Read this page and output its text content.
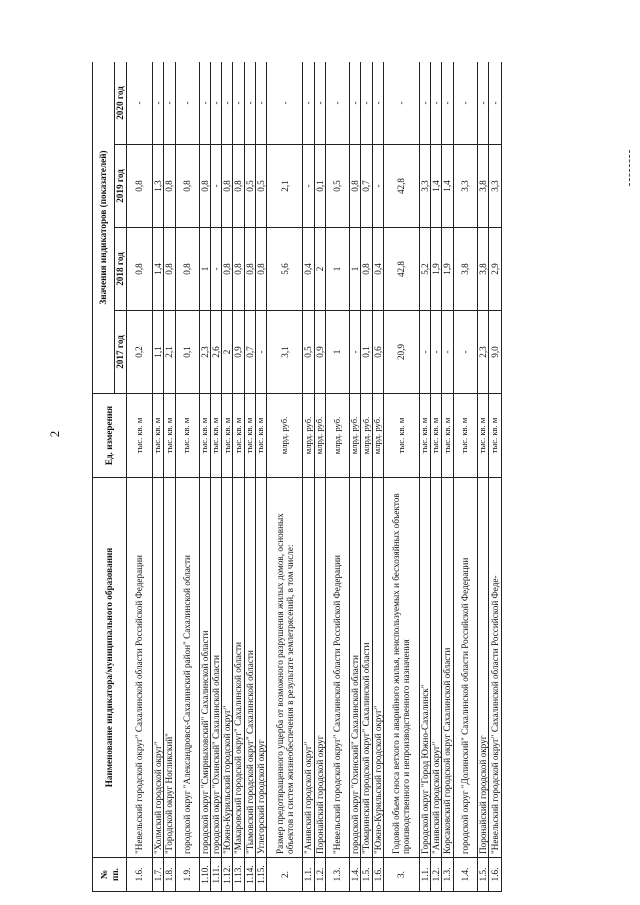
2
№
пп.	Наименование индикатора/муниципального образования	Ед. измерения	Значения индикаторов (показателей)			
			2017 год	2018 год	2019 год	2020 год
1.6.	"Невельский городской округ" Сахалинской области Российской Федерации	тыс. кв. м	0,2	0,8	0,8	-
1.7.	"Холмский городской округ"	тыс. кв. м	1,1	1,4	1,3	-
1.8.	"Городской округ Ногликский"	тыс. кв. м	2,1	0,8	0,8	-
1.9.	городской округ "Александровск-Сахалинский район" Сахалинской области	тыс. кв. м	0,1	0,8	0,8	-
1.10.	городской округ "Смирныховский" Сахалинской области	тыс. кв. м	2,3	1	0,8	-
1.11.	городской округ "Охинский" Сахалинской области	тыс. кв. м	2,6	-	-	-
1.12.	"Южно-Курильский городской округ"	тыс. кв. м	2	0,8	0,8	-
1.13.	"Макаровский городской округ" Сахалинской области	тыс. кв. м	0,9	0,8	0,8	-
1.14.	"Тымовский городской округ" Сахалинской области	тыс. кв. м	0,7	0,8	0,5	-
1.15.	Углегорский городской округ	тыс. кв. м	-	0,8	0,5	-
2.	Размер предотвращенного ущерба от возможного разрушения жилых домов, основных объектов и систем жизнеобеспечения в результате землетрясений, в том числе:	млрд. руб.	3,1	5,6	2,1	-
1.1.	"Анивский городской округ"	млрд. руб.	0,5	0,4	-	-
1.2.	Поронайский городской округ	млрд. руб.	0,9	2	0,1	-
1.3.	"Невельский городской округ" Сахалинской области Российской Федерации	млрд. руб.	1	1	0,5	-
1.4.	городской округ "Охинский" Сахалинской области	млрд. руб.	-	1	0,8	-
1.5.	"Томаринский городской округ" Сахалинской области	млрд. руб.	0,1	0,8	0,7	-
1.6.	"Южно-Курильский городской округ"	млрд. руб.	0,6	0,4	-	-
3.	Годовой объем сноса ветхого и аварийного жилья, неиспользуемых и бесхозяйных объектов производственного и непроизводственного назначения	тыс. кв. м	20,9	42,8	42,8	-
1.1.	Городской округ "Город Южно-Сахалинск"	тыс. кв. м	-	5,2	3,3	-
1.2.	"Анивский городской округ"	тыс. кв. м	-	1,9	1,4	-
1.3.	Корсаковский городской округ Сахалинской области	тыс. кв. м	-	1,9	1,4	-
1.4.	городской округ "Долинский" Сахалинской области Российской Федерации	тыс. кв. м	-	3,8	3,3	-
1.5.	Поронайский городской округ	тыс. кв. м	2,3	3,8	3,8	-
1.6.	"Невельский городской округ" Сахалинской области Российской Феде-	тыс. кв. м	9,0	2,9	3,3	-
